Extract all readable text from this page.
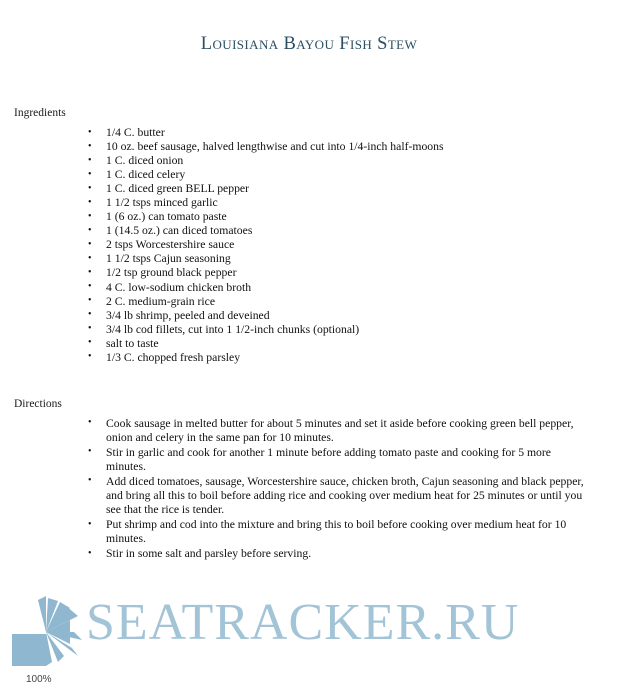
Louisiana Bayou Fish Stew
Ingredients
• 1/4 C. butter
• 10 oz. beef sausage, halved lengthwise and cut into 1/4-inch half-moons
• 1 C. diced onion
• 1 C. diced celery
• 1 C. diced green BELL pepper
• 1 1/2 tsps minced garlic
• 1 (6 oz.) can tomato paste
• 1 (14.5 oz.) can diced tomatoes
• 2 tsps Worcestershire sauce
• 1 1/2 tsps Cajun seasoning
• 1/2 tsp ground black pepper
• 4 C. low-sodium chicken broth
• 2 C. medium-grain rice
• 3/4 lb shrimp, peeled and deveined
• 3/4 lb cod fillets, cut into 1 1/2-inch chunks (optional)
• salt to taste
• 1/3 C. chopped fresh parsley
Directions
• Cook sausage in melted butter for about 5 minutes and set it aside before cooking green bell pepper, onion and celery in the same pan for 10 minutes.
• Stir in garlic and cook for another 1 minute before adding tomato paste and cooking for 5 more minutes.
• Add diced tomatoes, sausage, Worcestershire sauce, chicken broth, Cajun seasoning and black pepper, and bring all this to boil before adding rice and cooking over medium heat for 25 minutes or until you see that the rice is tender.
• Put shrimp and cod into the mixture and bring this to boil before cooking over medium heat for 10 minutes.
• Stir in some salt and parsley before serving.
SEATRACKER.RU
100%
